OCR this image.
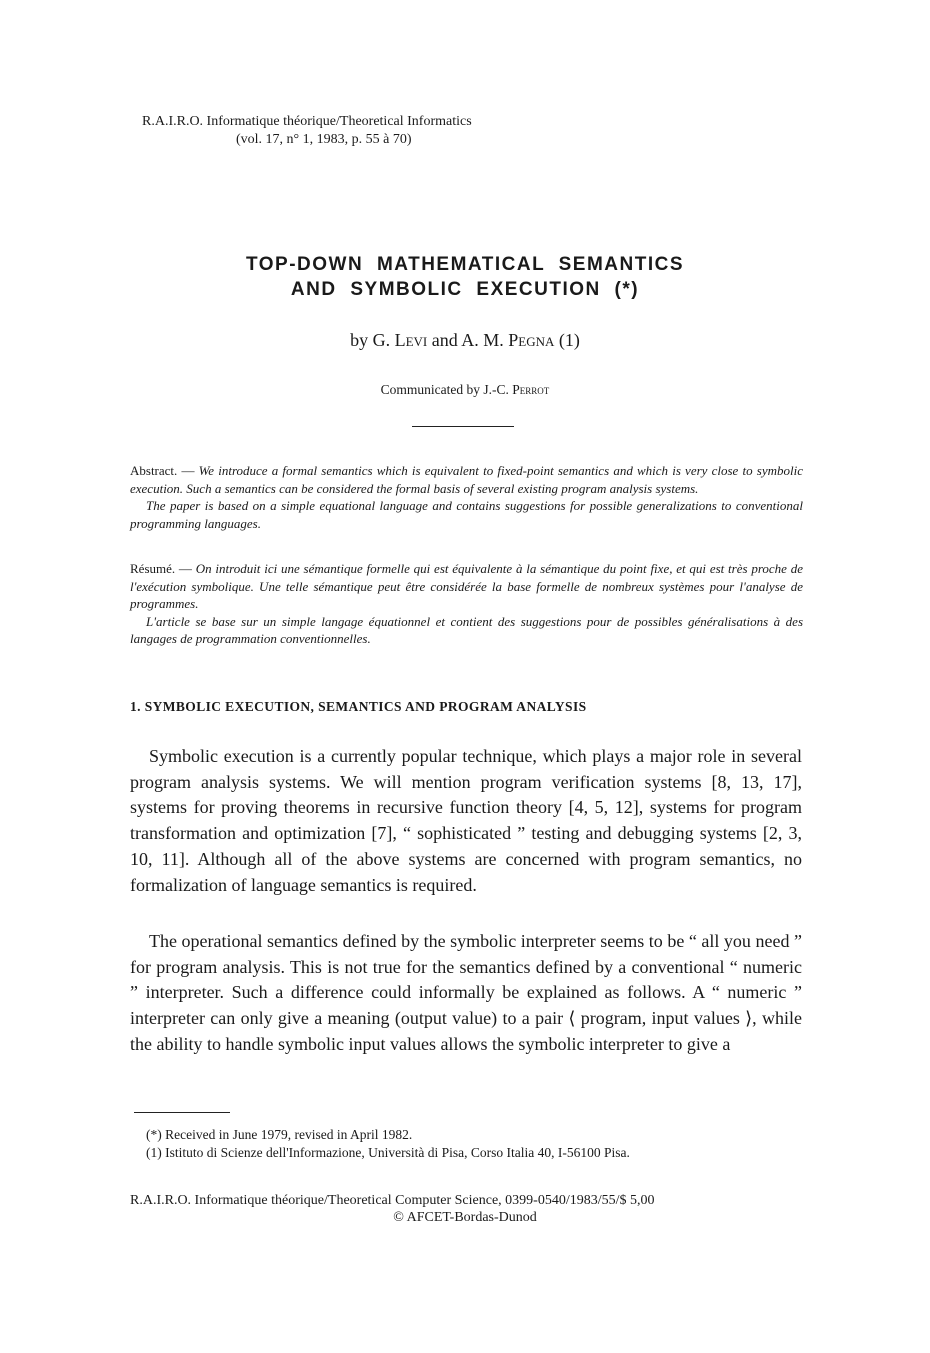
R.A.I.R.O. Informatique théorique/Theoretical Informatics
(vol. 17, n° 1, 1983, p. 55 à 70)
TOP-DOWN MATHEMATICAL SEMANTICS
AND SYMBOLIC EXECUTION (*)
by G. Levi and A. M. Pegna (1)
Communicated by J.-C. Perrot

Abstract. — We introduce a formal semantics which is equivalent to fixed-point semantics and which is very close to symbolic execution. Such a semantics can be considered the formal basis of several existing program analysis systems.

The paper is based on a simple equational language and contains suggestions for possible generalizations to conventional programming languages.

Résumé. — On introduit ici une sémantique formelle qui est équivalente à la sémantique du point fixe, et qui est très proche de l'exécution symbolique. Une telle sémantique peut être considérée la base formelle de nombreux systèmes pour l'analyse de programmes.

L'article se base sur un simple langage équationnel et contient des suggestions pour de possibles généralisations à des langages de programmation conventionnelles.

1. SYMBOLIC EXECUTION, SEMANTICS AND PROGRAM ANALYSIS

Symbolic execution is a currently popular technique, which plays a major role in several program analysis systems. We will mention program verification systems [8, 13, 17], systems for proving theorems in recursive function theory [4, 5, 12], systems for program transformation and optimization [7], “ sophisticated ” testing and debugging systems [2, 3, 10, 11]. Although all of the above systems are concerned with program semantics, no formalization of language semantics is required.

The operational semantics defined by the symbolic interpreter seems to be “ all you need ” for program analysis. This is not true for the semantics defined by a conventional “ numeric ” interpreter. Such a difference could informally be explained as follows. A “ numeric ” interpreter can only give a meaning (output value) to a pair ⟨ program, input values ⟩, while the ability to handle symbolic input values allows the symbolic interpreter to give a

(*) Received in June 1979, revised in April 1982.
(1) Istituto di Scienze dell'Informazione, Università di Pisa, Corso Italia 40, I-56100 Pisa.
R.A.I.R.O. Informatique théorique/Theoretical Computer Science, 0399-0540/1983/55/$ 5,00
© AFCET-Bordas-Dunod
